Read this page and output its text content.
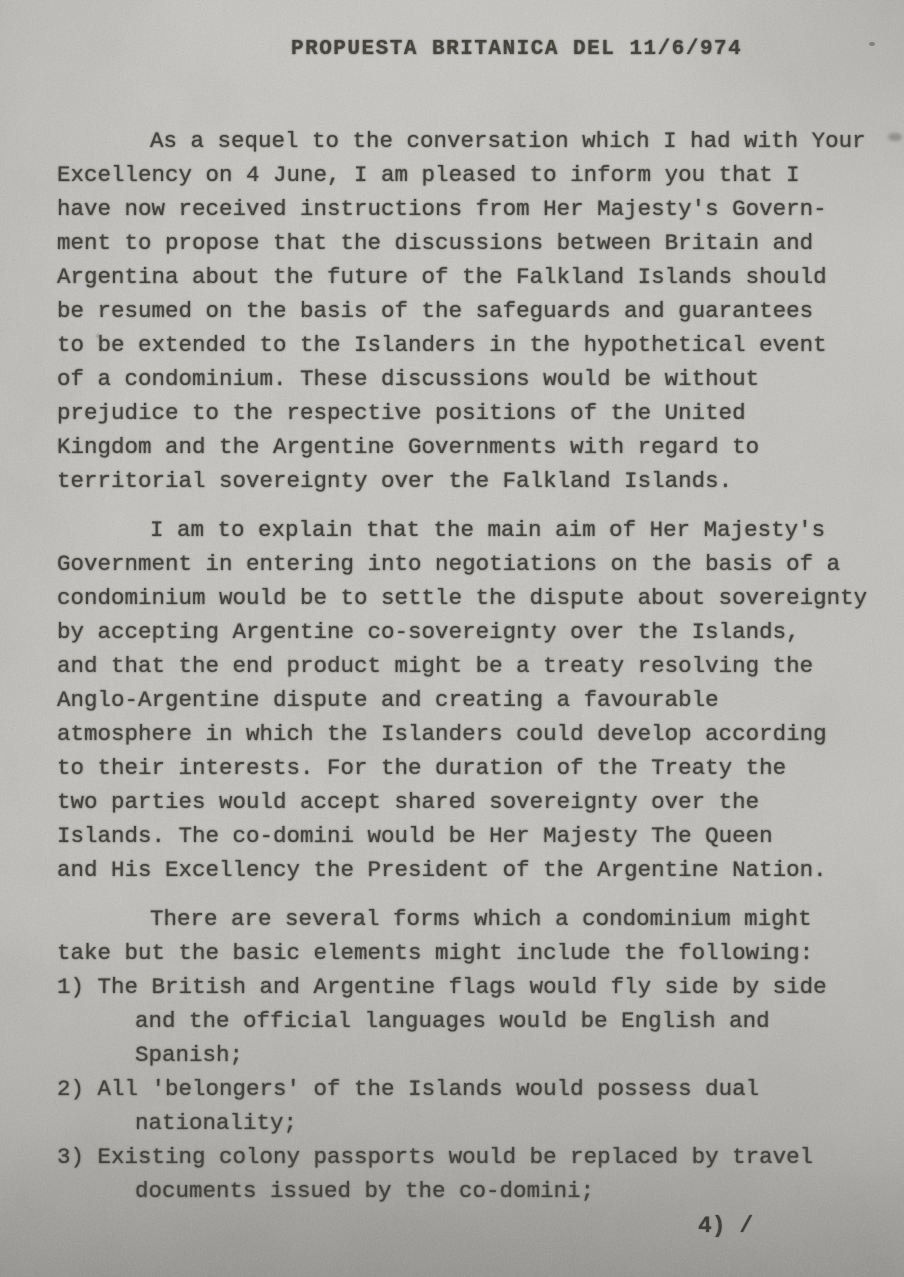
PROPUESTA BRITANICA DEL 11/6/974
As a sequel to the conversation which I had with Your
Excellency on 4 June, I am pleased to inform you that I
have now received instructions from Her Majesty's Govern-
ment to propose that the discussions between Britain and
Argentina about the future of the Falkland Islands should
be resumed on the basis of the safeguards and guarantees
to be extended to the Islanders in the hypothetical event
of a condominium. These discussions would be without
prejudice to the respective positions of the United
Kingdom and the Argentine Governments with regard to
territorial sovereignty over the Falkland Islands.
I am to explain that the main aim of Her Majesty's
Government in entering into negotiations on the basis of a
condominium would be to settle the dispute about sovereignty
by accepting Argentine co-sovereignty over the Islands,
and that the end product might be a treaty resolving the
Anglo-Argentine dispute and creating a favourable
atmosphere in which the Islanders could develop according
to their interests. For the duration of the Treaty the
two parties would accept shared sovereignty over the
Islands. The co-domini would be Her Majesty The Queen
and His Excellency the President of the Argentine Nation.
There are several forms which a condominium might
take but the basic elements might include the following:
1) The British and Argentine flags would fly side by side
and the official languages would be English and
Spanish;
2) All 'belongers' of the Islands would possess dual
nationality;
3) Existing colony passports would be replaced by travel
documents issued by the co-domini;
4) /
